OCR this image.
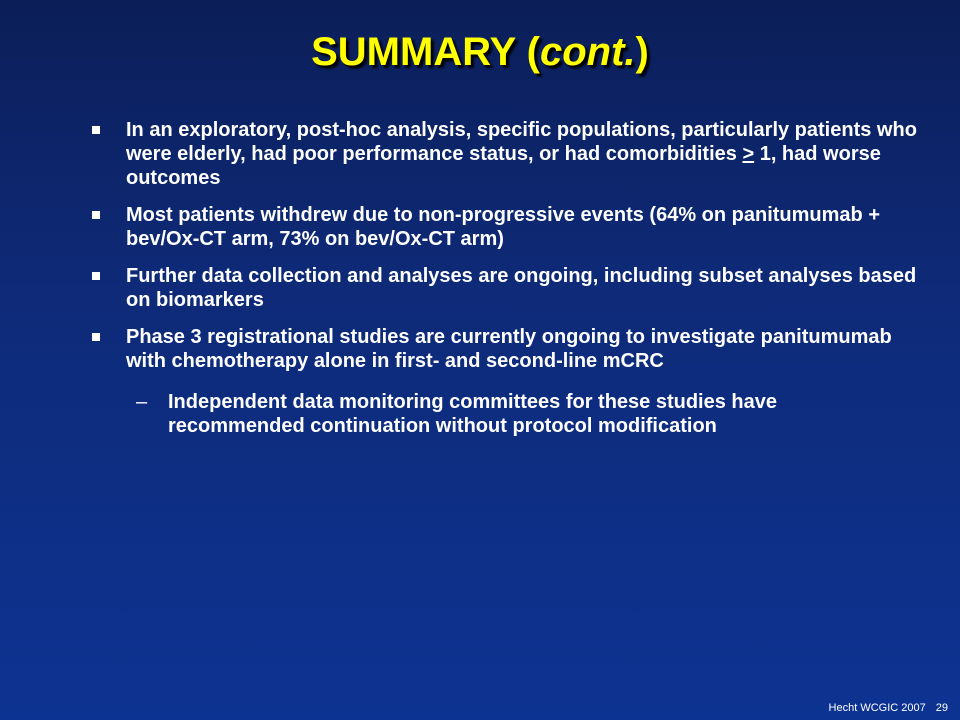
SUMMARY (cont.)
In an exploratory, post-hoc analysis, specific populations, particularly patients who were elderly, had poor performance status, or had comorbidities > 1, had worse outcomes
Most patients withdrew due to non-progressive events (64% on panitumumab + bev/Ox-CT arm, 73% on bev/Ox-CT arm)
Further data collection and analyses are ongoing, including subset analyses based on biomarkers
Phase 3 registrational studies are currently ongoing to investigate panitumumab with chemotherapy alone in first- and second-line mCRC
– Independent data monitoring committees for these studies have recommended continuation without protocol modification
Hecht WCGIC 2007 29
